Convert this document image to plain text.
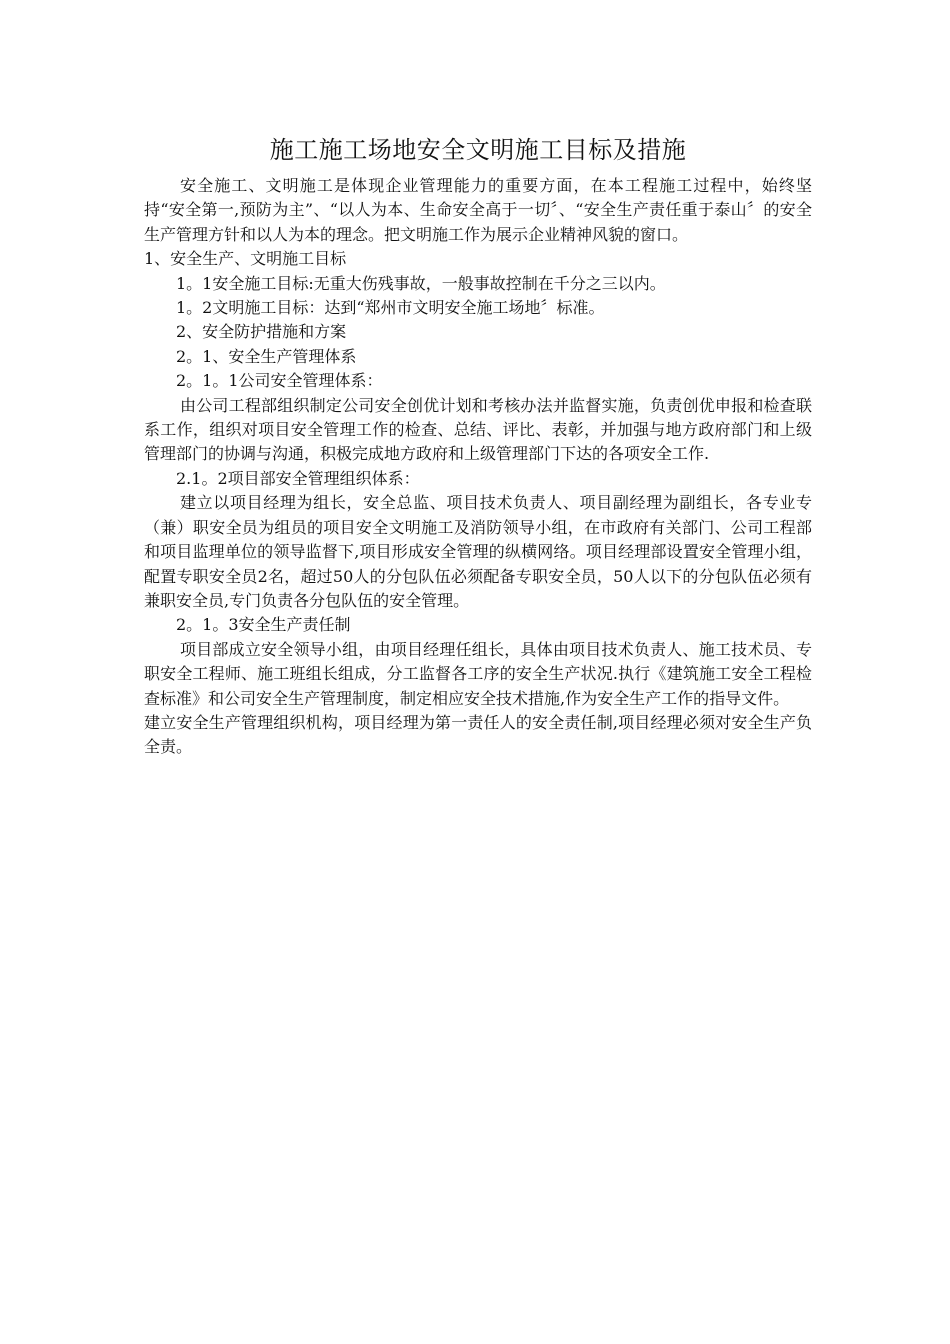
施工施工场地安全文明施工目标及措施

安全施工、文明施工是体现企业管理能力的重要方面，在本工程施工过程中，始终坚持“安全第一,预防为主”、“以人为本、生命安全高于一切〞、“安全生产责任重于泰山〞的安全生产管理方针和以人为本的理念。把文明施工作为展示企业精神风貌的窗口。

1、安全生产、文明施工目标

1。1安全施工目标:无重大伤残事故，一般事故控制在千分之三以内。

1。2文明施工目标：达到“郑州市文明安全施工场地〞标准。

2、安全防护措施和方案

2。1、安全生产管理体系

2。1。1公司安全管理体系：

由公司工程部组织制定公司安全创优计划和考核办法并监督实施，负责创优申报和检查联系工作，组织对项目安全管理工作的检查、总结、评比、表彰，并加强与地方政府部门和上级管理部门的协调与沟通，积极完成地方政府和上级管理部门下达的各项安全工作.

2.1。2项目部安全管理组织体系：

建立以项目经理为组长，安全总监、项目技术负责人、项目副经理为副组长，各专业专（兼）职安全员为组员的项目安全文明施工及消防领导小组，在市政府有关部门、公司工程部和项目监理单位的领导监督下,项目形成安全管理的纵横网络。项目经理部设置安全管理小组，配置专职安全员2名，超过50人的分包队伍必须配备专职安全员，50人以下的分包队伍必须有兼职安全员,专门负责各分包队伍的安全管理。

2。1。3安全生产责任制

项目部成立安全领导小组，由项目经理任组长，具体由项目技术负责人、施工技术员、专职安全工程师、施工班组长组成，分工监督各工序的安全生产状况.执行《建筑施工安全工程检查标准》和公司安全生产管理制度，制定相应安全技术措施,作为安全生产工作的指导文件。

建立安全生产管理组织机构，项目经理为第一责任人的安全责任制,项目经理必须对安全生产负全责。
